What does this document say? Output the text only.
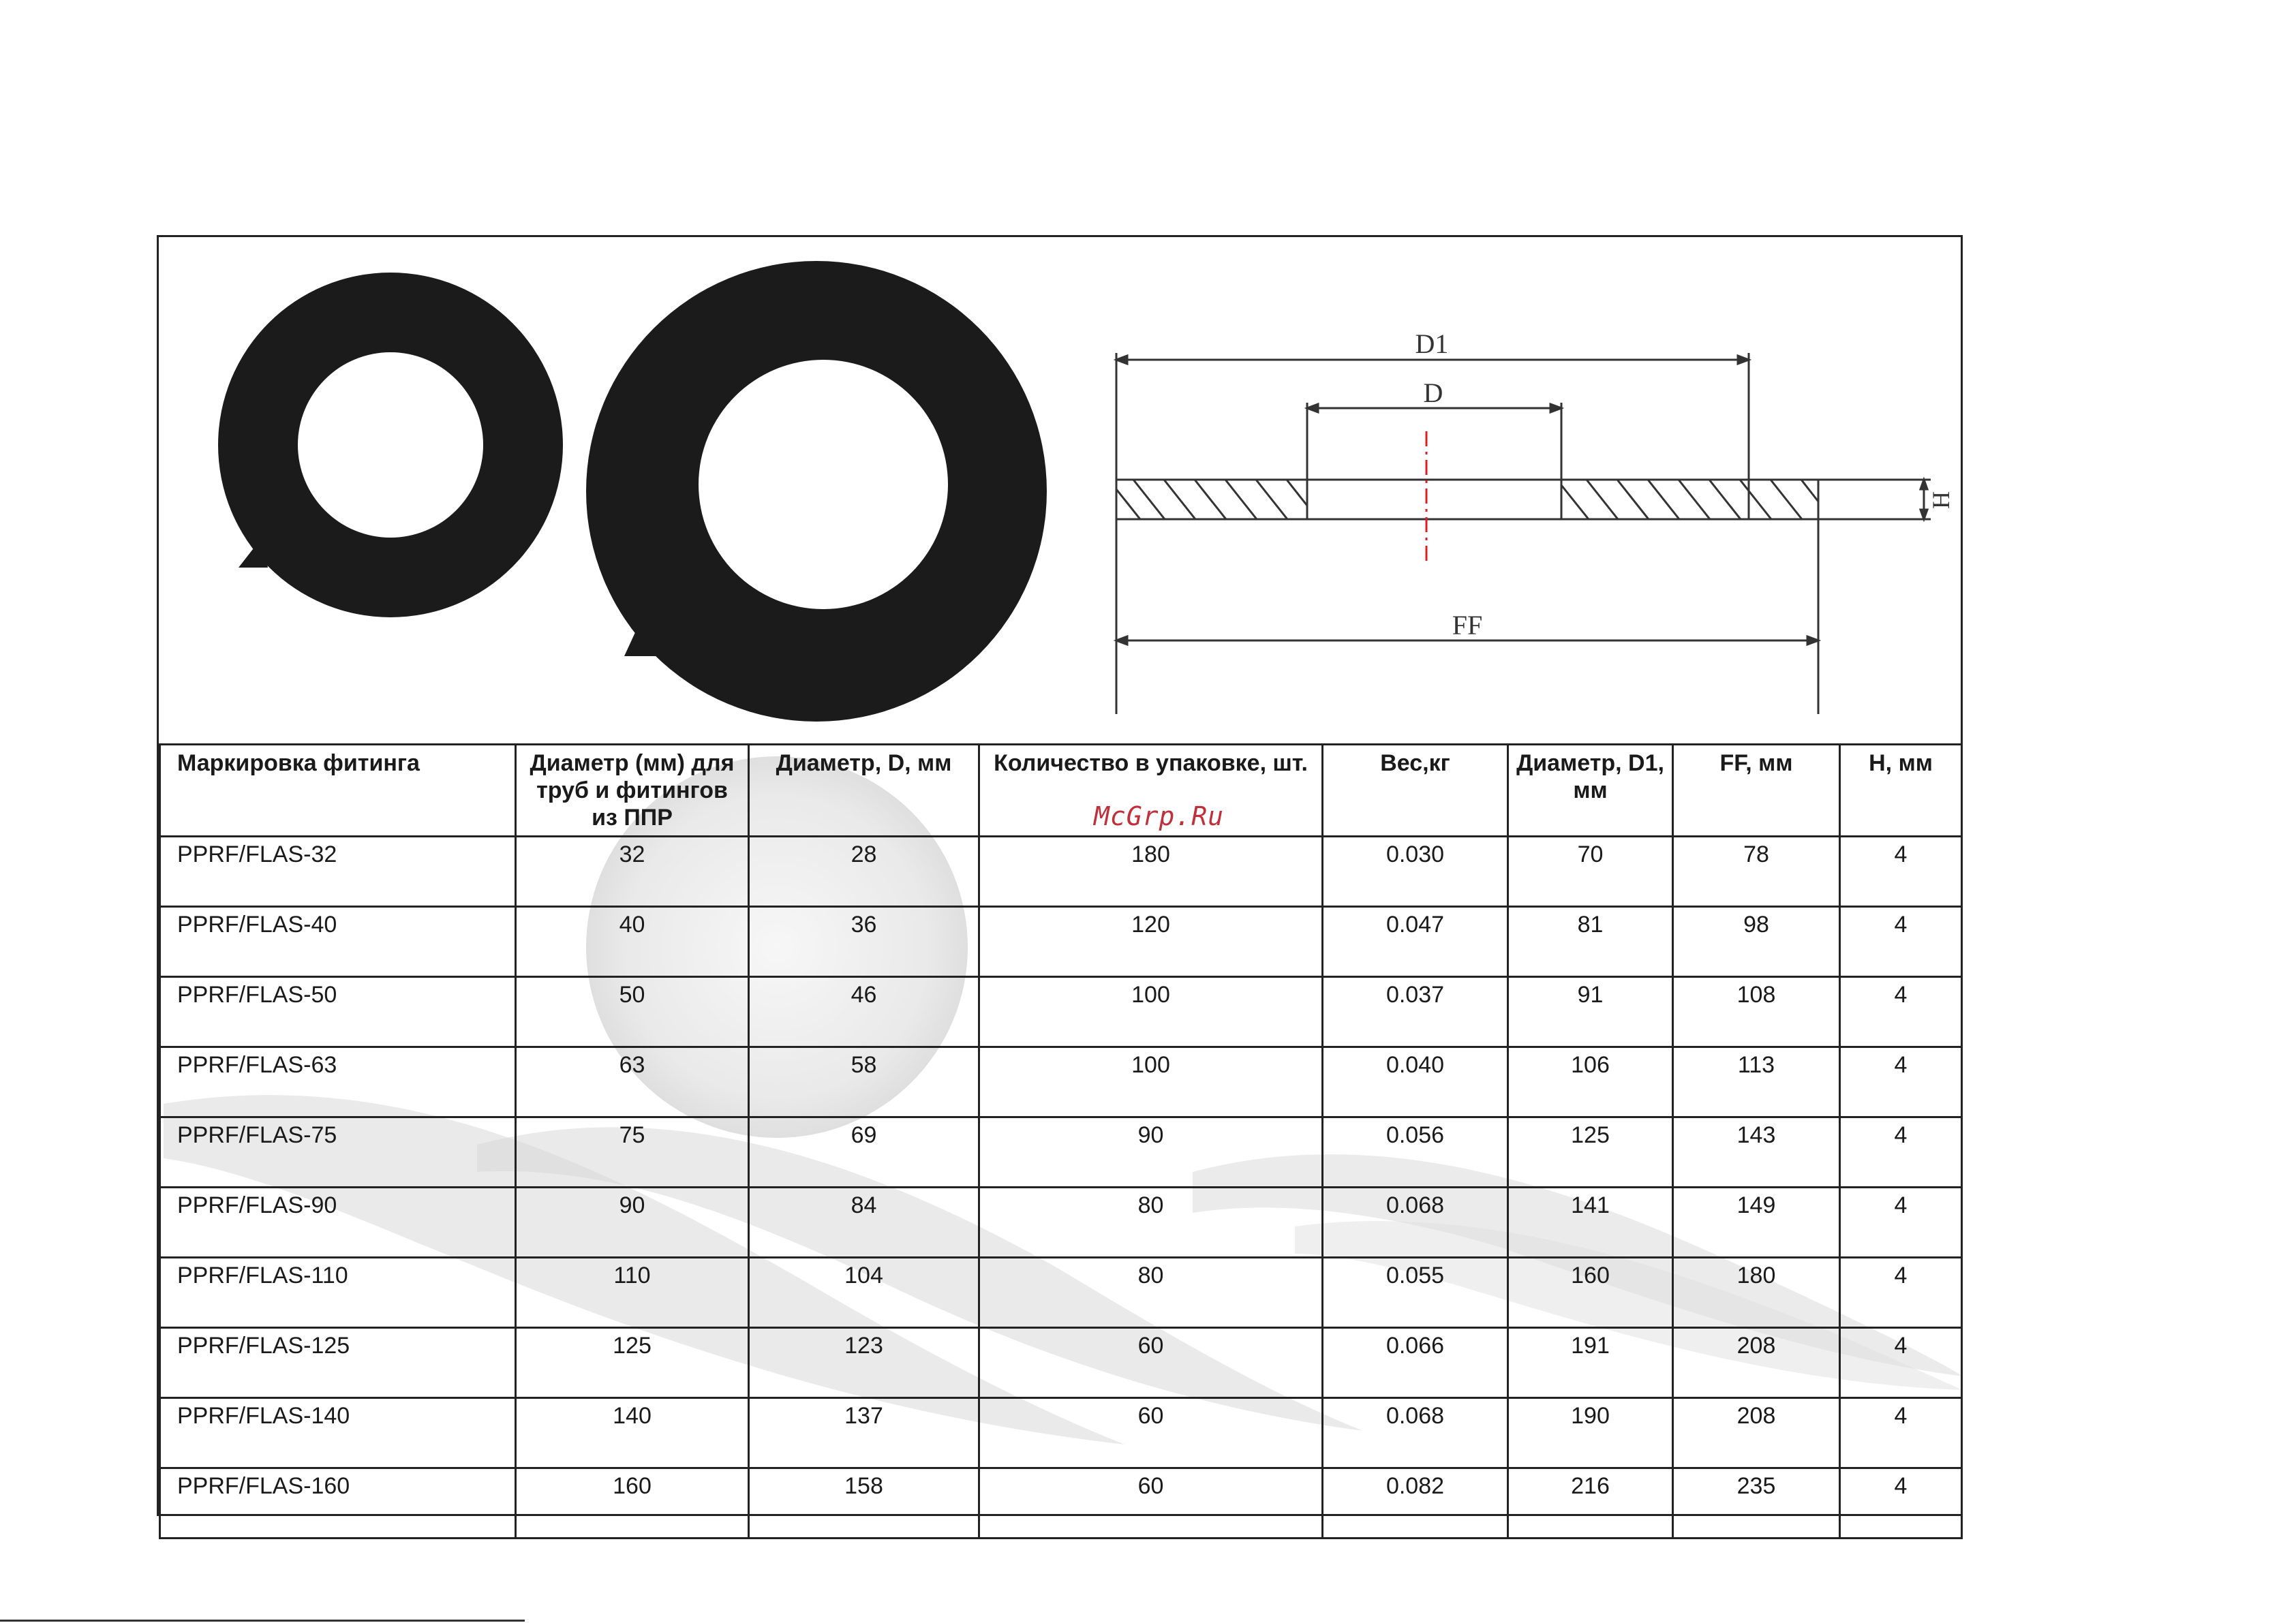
D1
D
FF
H
Маркировка фитинга	Диаметр (мм) для труб и фитингов из ППР	Диаметр, D, мм	Количество в упаковке, шт.	Вес,кг	Диаметр, D1, мм	FF, мм	H, мм
PPRF/FLAS-32	32	28	180	0.030	70	78	4
PPRF/FLAS-40	40	36	120	0.047	81	98	4
PPRF/FLAS-50	50	46	100	0.037	91	108	4
PPRF/FLAS-63	63	58	100	0.040	106	113	4
PPRF/FLAS-75	75	69	90	0.056	125	143	4
PPRF/FLAS-90	90	84	80	0.068	141	149	4
PPRF/FLAS-110	110	104	80	0.055	160	180	4
PPRF/FLAS-125	125	123	60	0.066	191	208	4
PPRF/FLAS-140	140	137	60	0.068	190	208	4
PPRF/FLAS-160	160	158	60	0.082	216	235	4
McGrp.Ru
